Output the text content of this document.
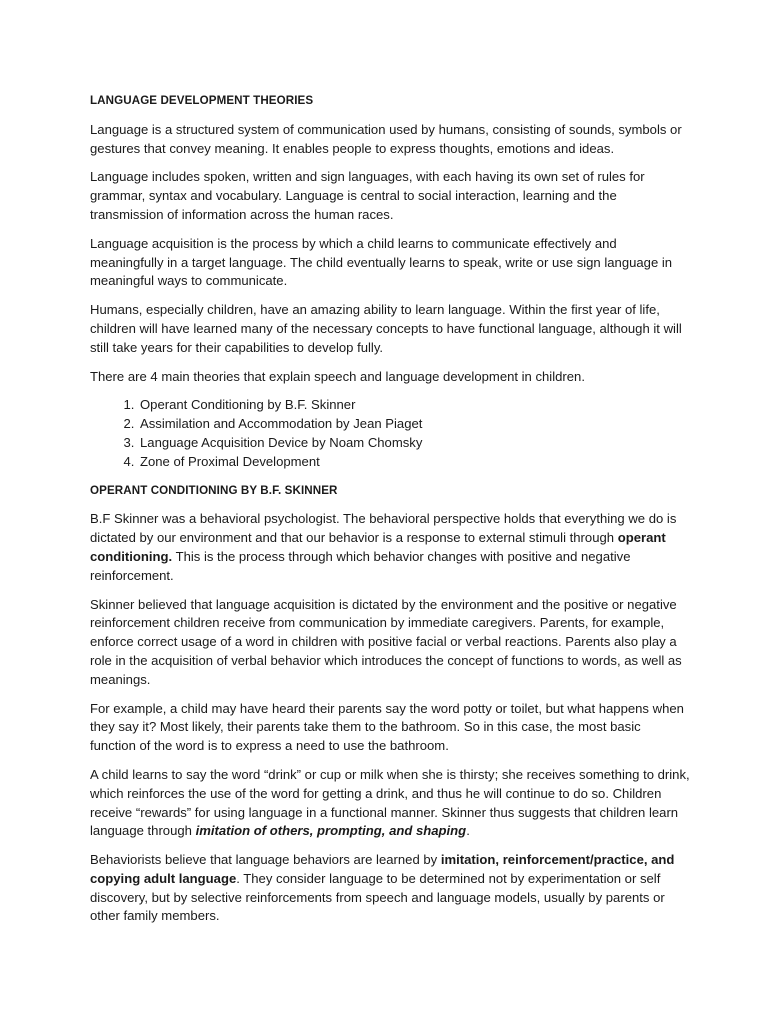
LANGUAGE DEVELOPMENT THEORIES

Language is a structured system of communication used by humans, consisting of sounds, symbols or gestures that convey meaning. It enables people to express thoughts, emotions and ideas.

Language includes spoken, written and sign languages, with each having its own set of rules for grammar, syntax and vocabulary. Language is central to social interaction, learning and the transmission of information across the human races.

Language acquisition is the process by which a child learns to communicate effectively and meaningfully in a target language. The child eventually learns to speak, write or use sign language in meaningful ways to communicate.

Humans, especially children, have an amazing ability to learn language. Within the first year of life, children will have learned many of the necessary concepts to have functional language, although it will still take years for their capabilities to develop fully.

There are 4 main theories that explain speech and language development in children.

1. Operant Conditioning by B.F. Skinner
2. Assimilation and Accommodation by Jean Piaget
3. Language Acquisition Device by Noam Chomsky
4. Zone of Proximal Development
OPERANT CONDITIONING BY B.F. SKINNER

B.F Skinner was a behavioral psychologist. The behavioral perspective holds that everything we do is dictated by our environment and that our behavior is a response to external stimuli through operant conditioning. This is the process through which behavior changes with positive and negative reinforcement.

Skinner believed that language acquisition is dictated by the environment and the positive or negative reinforcement children receive from communication by immediate caregivers. Parents, for example, enforce correct usage of a word in children with positive facial or verbal reactions. Parents also play a role in the acquisition of verbal behavior which introduces the concept of functions to words, as well as meanings.

For example, a child may have heard their parents say the word potty or toilet, but what happens when they say it? Most likely, their parents take them to the bathroom. So in this case, the most basic function of the word is to express a need to use the bathroom.

A child learns to say the word “drink” or cup or milk when she is thirsty; she receives something to drink, which reinforces the use of the word for getting a drink, and thus he will continue to do so. Children receive “rewards” for using language in a functional manner. Skinner thus suggests that children learn language through imitation of others, prompting, and shaping.

Behaviorists believe that language behaviors are learned by imitation, reinforcement/practice, and copying adult language. They consider language to be determined not by experimentation or self discovery, but by selective reinforcements from speech and language models, usually by parents or other family members.
